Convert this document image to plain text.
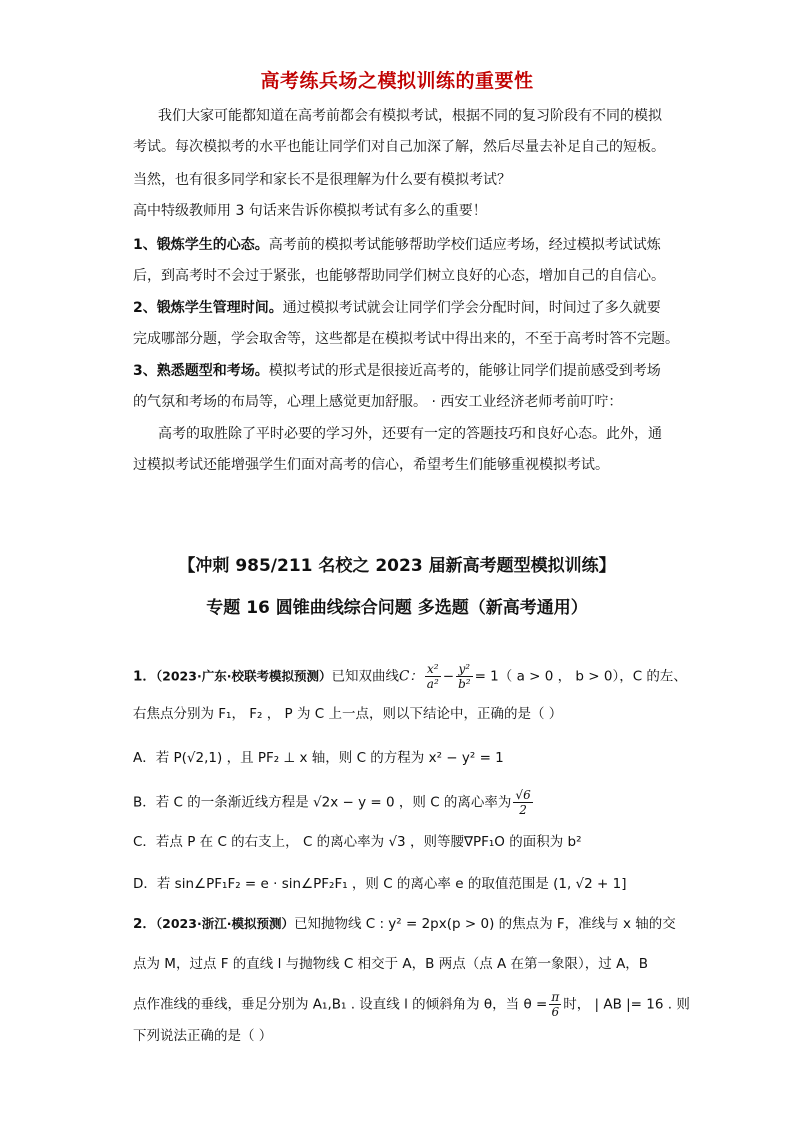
高考练兵场之模拟训练的重要性
我们大家可能都知道在高考前都会有模拟考试，根据不同的复习阶段有不同的模拟
考试。每次模拟考的水平也能让同学们对自己加深了解，然后尽量去补足自己的短板。
当然，也有很多同学和家长不是很理解为什么要有模拟考试？
高中特级教师用 3 句话来告诉你模拟考试有多么的重要！
1、锻炼学生的心态。高考前的模拟考试能够帮助学校们适应考场，经过模拟考试试炼
后，到高考时不会过于紧张，也能够帮助同学们树立良好的心态，增加自己的自信心。
2、锻炼学生管理时间。通过模拟考试就会让同学们学会分配时间，时间过了多久就要
完成哪部分题，学会取舍等，这些都是在模拟考试中得出来的，不至于高考时答不完题。
3、熟悉题型和考场。模拟考试的形式是很接近高考的，能够让同学们提前感受到考场
的气氛和考场的布局等，心理上感觉更加舒服。 · 西安工业经济老师考前叮咛：
高考的取胜除了平时必要的学习外，还要有一定的答题技巧和良好心态。此外，通
过模拟考试还能增强学生们面对高考的信心，希望考生们能够重视模拟考试。
【冲刺 985/211 名校之 2023 届新高考题型模拟训练】
专题 16 圆锥曲线综合问题 多选题（新高考通用）
1．（2023·广东·校联考模拟预测）已知双曲线C： $\frac{\text{x²}}{\text{a²}} - \frac{\text{y²}}{\text{b²}} = 1$（ a > 0 ， b > 0），C 的左、
右焦点分别为 F₁， F₂ ， P 为 C 上一点，则以下结论中，正确的是（ ）
A．若 P(√2,1) ，且 PF₂ ⊥ x 轴，则 C 的方程为 x² − y² = 1
B．若 C 的一条渐近线方程是 √2x − y = 0 ，则 C 的离心率为 $\frac{√6}{2}$
C．若点 P 在 C 的右支上， C 的离心率为 √3 ，则等腰∇PF₁O 的面积为 b²
D．若 sin∠PF₁F₂ = e · sin∠PF₂F₁ ，则 C 的离心率 e 的取值范围是 (1, √2 + 1]
2．（2023·浙江·模拟预测）已知抛物线 C : y² = 2px(p > 0) 的焦点为 F，准线与 x 轴的交
点为 M，过点 F 的直线 l 与抛物线 C 相交于 A，B 两点（点 A 在第一象限），过 A，B
点作准线的垂线，垂足分别为 A₁,B₁ . 设直线 l 的倾斜角为 θ，当 $\theta = \frac{\pi}{6}$ 时， | AB |= 16 . 则
下列说法正确的是（ ）
